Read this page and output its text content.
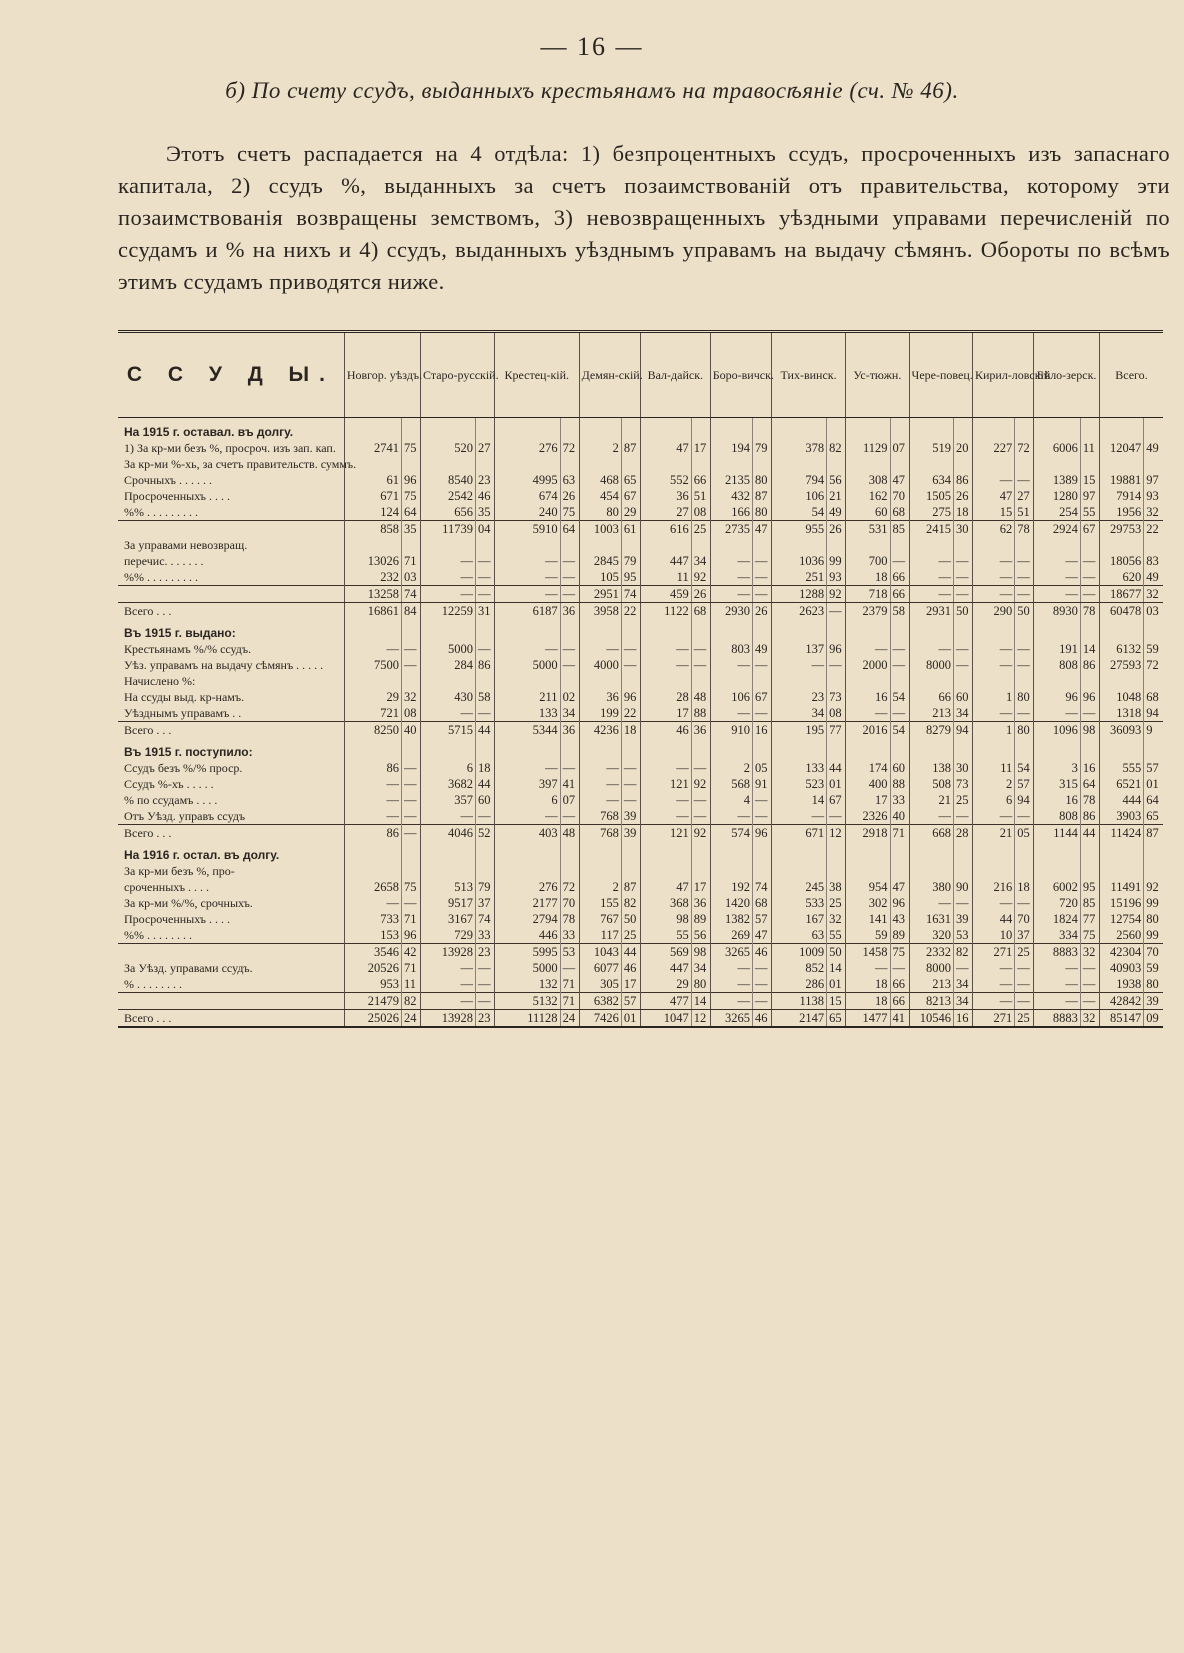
— 16 —
б) По счету ссудъ, выданныхъ крестьянамъ на травосѣяніе (сч. № 46).
Этотъ счетъ распадается на 4 отдѣла: 1) безпроцентныхъ ссудъ, просроченныхъ изъ запаснаго капитала, 2) ссудъ %, выданныхъ за счетъ позаимствованій отъ правительства, которому эти позаимствованія возвращены земствомъ, 3) невозвращенныхъ уѣздными управами перечисленій по ссудамъ и % на нихъ и 4) ссудъ, выданныхъ уѣзднымъ управамъ на выдачу сѣмянъ. Обороты по всѣмъ этимъ ссудамъ приводятся ниже.
С С У Д Ы.	Новгор. уѣздъ.		Старо-русскій.		Крестец-кій.		Демян-скій.		Вал-дайск.		Боро-вичск.		Тих-винск.		Ус-тюжн.		Чере-повец.		Кирил-ловскій		Бѣло-зерск.		Всего.	
На 1915 г. оставал. въ долгу.																								
1) За кр-ми безъ %, просроч. изъ зап. кап.	2741	75	520	27	276	72	2	87	47	17	194	79	378	82	1129	07	519	20	227	72	6006	11	12047	49
За кр-ми %-хь, за счетъ правительств. суммъ.																								
Срочныхъ . . . . . .	61	96	8540	23	4995	63	468	65	552	66	2135	80	794	56	308	47	634	86	—	—	1389	15	19881	97
Просроченныхъ . . . .	671	75	2542	46	674	26	454	67	36	51	432	87	106	21	162	70	1505	26	47	27	1280	97	7914	93
%% . . . . . . . . .	124	64	656	35	240	75	80	29	27	08	166	80	54	49	60	68	275	18	15	51	254	55	1956	32
	858	35	11739	04	5910	64	1003	61	616	25	2735	47	955	26	531	85	2415	30	62	78	2924	67	29753	22
За управами невозвращ.																								
перечис. . . . . . .	13026	71	—	—	—	—	2845	79	447	34	—	—	1036	99	700	—	—	—	—	—	—	—	18056	83
%% . . . . . . . . .	232	03	—	—	—	—	105	95	11	92	—	—	251	93	18	66	—	—	—	—	—	—	620	49
	13258	74	—	—	—	—	2951	74	459	26	—	—	1288	92	718	66	—	—	—	—	—	—	18677	32
Всего . . .	16861	84	12259	31	6187	36	3958	22	1122	68	2930	26	2623	—	2379	58	2931	50	290	50	8930	78	60478	03
Въ 1915 г. выдано:																								
Крестьянамъ %/% ссудъ.	—	—	5000	—	—	—	—	—	—	—	803	49	137	96	—	—	—	—	—	—	191	14	6132	59
Уѣз. управамъ на выдачу сѣмянъ . . . . .	7500	—	284	86	5000	—	4000	—	—	—	—	—	—	—	2000	—	8000	—	—	—	808	86	27593	72
Начислено %:																								
На ссуды выд. кр-намъ.	29	32	430	58	211	02	36	96	28	48	106	67	23	73	16	54	66	60	1	80	96	96	1048	68
Уѣзднымъ управамъ . .	721	08	—	—	133	34	199	22	17	88	—	—	34	08	—	—	213	34	—	—	—	—	1318	94
Всего . . .	8250	40	5715	44	5344	36	4236	18	46	36	910	16	195	77	2016	54	8279	94	1	80	1096	98	36093	9
Въ 1915 г. поступило:																								
Ссудъ безъ %/% проср.	86	—	6	18	—	—	—	—	—	—	2	05	133	44	174	60	138	30	11	54	3	16	555	57
Ссудъ %-хъ . . . . .	—	—	3682	44	397	41	—	—	121	92	568	91	523	01	400	88	508	73	2	57	315	64	6521	01
% по ссудамъ . . . .	—	—	357	60	6	07	—	—	—	—	4	—	14	67	17	33	21	25	6	94	16	78	444	64
Отъ Уѣзд. управъ ссудъ	—	—	—	—	—	—	768	39	—	—	—	—	—	—	2326	40	—	—	—	—	808	86	3903	65
Всего . . .	86	—	4046	52	403	48	768	39	121	92	574	96	671	12	2918	71	668	28	21	05	1144	44	11424	87
На 1916 г. остал. въ долгу.																								
За кр-ми безъ %, про-																								
сроченныхъ . . . .	2658	75	513	79	276	72	2	87	47	17	192	74	245	38	954	47	380	90	216	18	6002	95	11491	92
За кр-ми %/%, срочныхъ.	—	—	9517	37	2177	70	155	82	368	36	1420	68	533	25	302	96	—	—	—	—	720	85	15196	99
Просроченныхъ . . . .	733	71	3167	74	2794	78	767	50	98	89	1382	57	167	32	141	43	1631	39	44	70	1824	77	12754	80
%% . . . . . . . .	153	96	729	33	446	33	117	25	55	56	269	47	63	55	59	89	320	53	10	37	334	75	2560	99
	3546	42	13928	23	5995	53	1043	44	569	98	3265	46	1009	50	1458	75	2332	82	271	25	8883	32	42304	70
За Уѣзд. управами ссудъ.	20526	71	—	—	5000	—	6077	46	447	34	—	—	852	14	—	—	8000	—	—	—	—	—	40903	59
% . . . . . . . .	953	11	—	—	132	71	305	17	29	80	—	—	286	01	18	66	213	34	—	—	—	—	1938	80
	21479	82	—	—	5132	71	6382	57	477	14	—	—	1138	15	18	66	8213	34	—	—	—	—	42842	39
Всего . . .	25026	24	13928	23	11128	24	7426	01	1047	12	3265	46	2147	65	1477	41	10546	16	271	25	8883	32	85147	09
